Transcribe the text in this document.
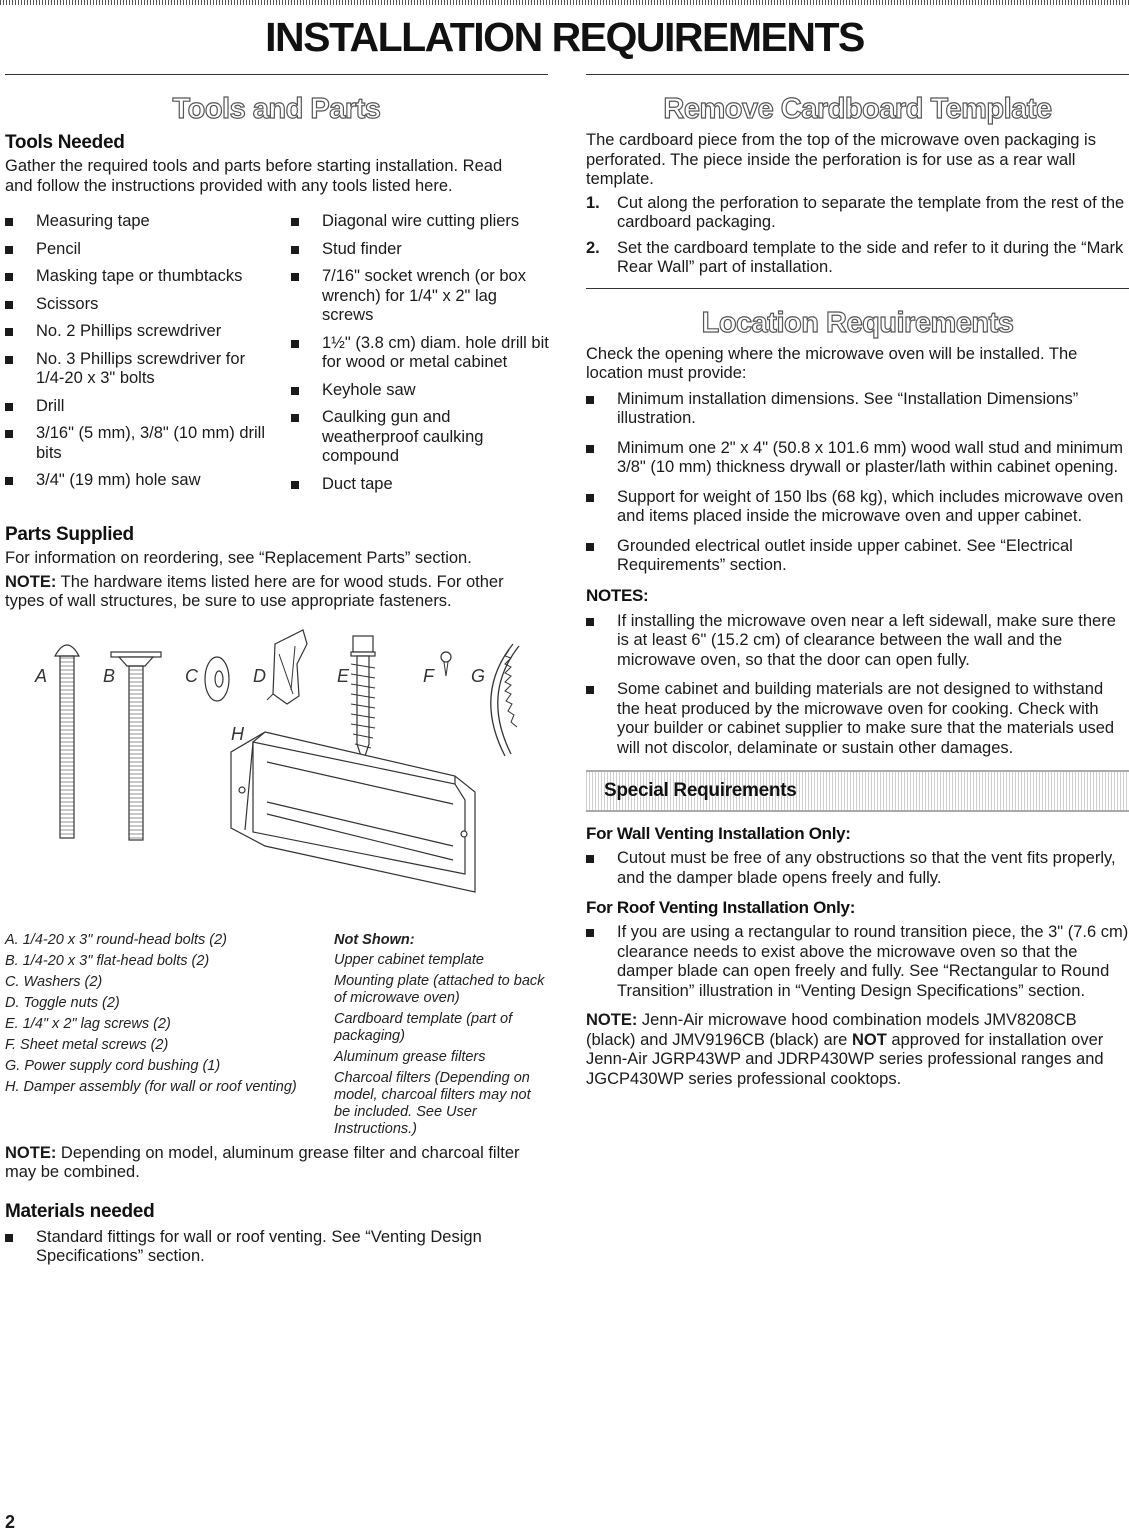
INSTALLATION REQUIREMENTS
Tools and Parts
Tools Needed

Gather the required tools and parts before starting installation. Read and follow the instructions provided with any tools listed here.

Measuring tape
Pencil
Masking tape or thumbtacks
Scissors
No. 2 Phillips screwdriver
No. 3 Phillips screwdriver for 1/4-20 x 3" bolts
Drill
3/16" (5 mm), 3/8" (10 mm) drill bits
3/4" (19 mm) hole saw
Diagonal wire cutting pliers
Stud finder
7/16" socket wrench (or box wrench) for 1/4" x 2" lag screws
1½" (3.8 cm) diam. hole drill bit for wood or metal cabinet
Keyhole saw
Caulking gun and weatherproof caulking compound
Duct tape
Parts Supplied

For information on reordering, see “Replacement Parts” section.

NOTE: The hardware items listed here are for wood studs. For other types of wall structures, be sure to use appropriate fasteners.

A	B	C	D	E	F G
H
A. 1/4-20 x 3" round-head bolts (2)
B. 1/4-20 x 3" flat-head bolts (2)
C. Washers (2)
D. Toggle nuts (2)
E. 1/4" x 2" lag screws (2)
F. Sheet metal screws (2)
G. Power supply cord bushing (1)
H. Damper assembly (for wall or roof venting)
Not Shown:
Upper cabinet template
Mounting plate (attached to back of microwave oven)
Cardboard template (part of packaging)
Aluminum grease filters
Charcoal filters (Depending on model, charcoal filters may not be included. See User Instructions.)

NOTE: Depending on model, aluminum grease filter and charcoal filter may be combined.

Materials needed
Standard fittings for wall or roof venting. See “Venting Design Specifications” section.
Remove Cardboard Template

The cardboard piece from the top of the microwave oven packaging is perforated. The piece inside the perforation is for use as a rear wall template.

1. Cut along the perforation to separate the template from the rest of the cardboard packaging.
2. Set the cardboard template to the side and refer to it during the “Mark Rear Wall” part of installation.
Location Requirements

Check the opening where the microwave oven will be installed. The location must provide:

Minimum installation dimensions. See “Installation Dimensions” illustration.
Minimum one 2" x 4" (50.8 x 101.6 mm) wood wall stud and minimum 3/8" (10 mm) thickness drywall or plaster/lath within cabinet opening.
Support for weight of 150 lbs (68 kg), which includes microwave oven and items placed inside the microwave oven and upper cabinet.
Grounded electrical outlet inside upper cabinet. See “Electrical Requirements” section.
NOTES:
If installing the microwave oven near a left sidewall, make sure there is at least 6" (15.2 cm) of clearance between the wall and the microwave oven, so that the door can open fully.
Some cabinet and building materials are not designed to withstand the heat produced by the microwave oven for cooking. Check with your builder or cabinet supplier to make sure that the materials used will not discolor, delaminate or sustain other damages.
Special Requirements
For Wall Venting Installation Only:
Cutout must be free of any obstructions so that the vent fits properly, and the damper blade opens freely and fully.
For Roof Venting Installation Only:
If you are using a rectangular to round transition piece, the 3" (7.6 cm) clearance needs to exist above the microwave oven so that the damper blade can open freely and fully. See “Rectangular to Round Transition” illustration in “Venting Design Specifications” section.

NOTE: Jenn-Air microwave hood combination models JMV8208CB (black) and JMV9196CB (black) are NOT approved for installation over Jenn-Air JGRP43WP and JDRP430WP series professional ranges and JGCP430WP series professional cooktops.

2
